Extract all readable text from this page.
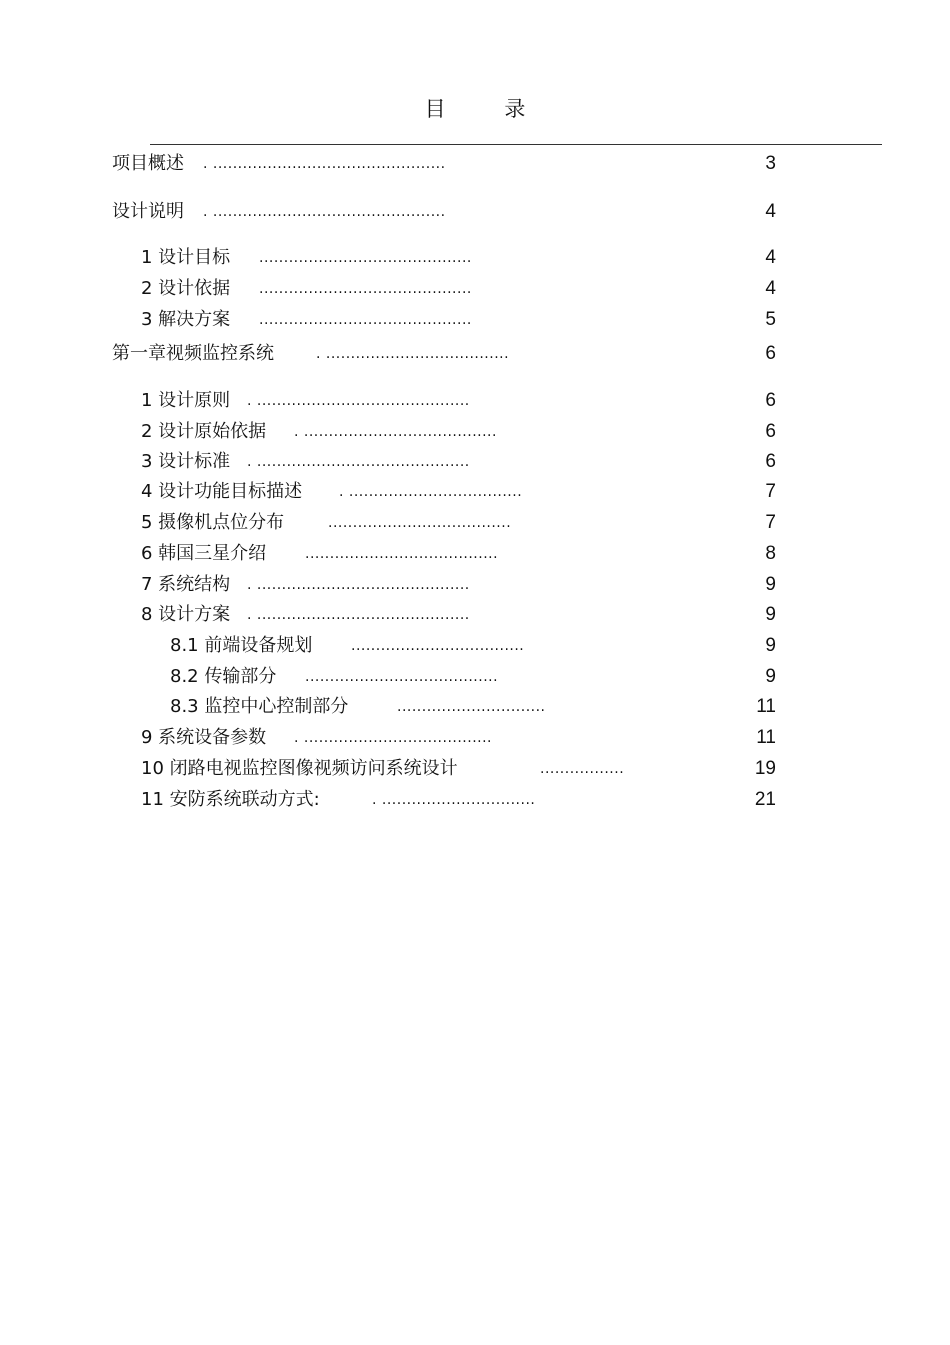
目 录
项目概述 . ...............................................	3
设计说明 . ...............................................	4
1 设计目标 ...........................................	4
2 设计依据 ...........................................	4
3 解决方案 ...........................................	5
第一章视频监控系统	. .....................................	6
1 设计原则 . ...........................................	6
2 设计原始依据 . .......................................	6
3 设计标准 . ...........................................	6
4 设计功能目标描述	. ...................................	7
5 摄像机点位分布	.....................................	7
6 韩国三星介绍	.......................................	8
7 系统结构 . ...........................................	9
8 设计方案 . ...........................................	9
8.1 前端设备规划	...................................	9
8.2 传输部分 .......................................	9
8.3 监控中心控制部分	..............................	11
9 系统设备参数 . ......................................	11
10 闭路电视监控图像视频访问系统设计	.................	19
11 安防系统联动方式:	. ...............................	21
